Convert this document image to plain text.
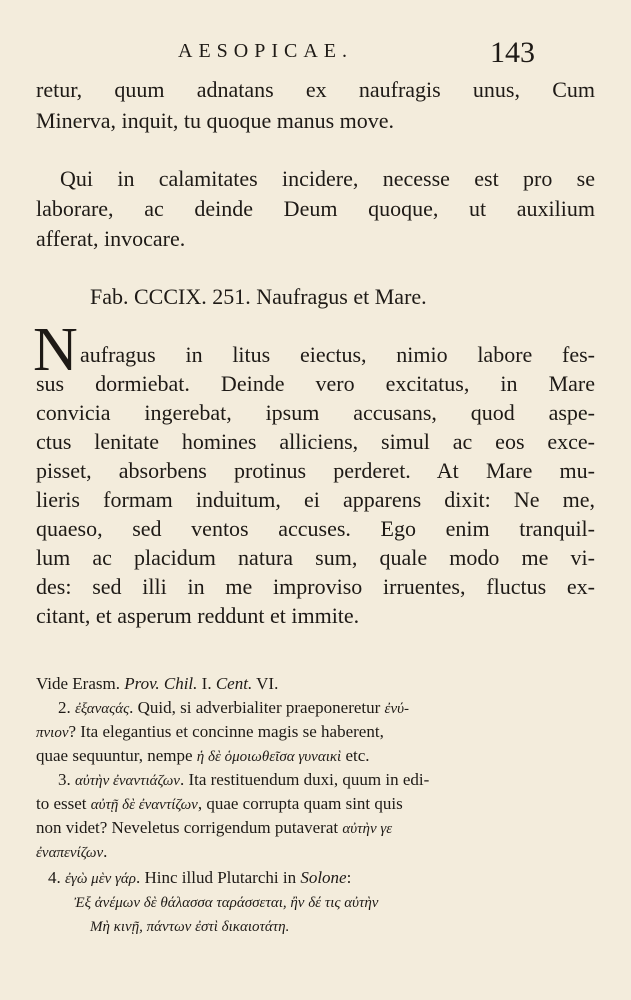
AESOPICAE.	143
retur, quum adnatans ex naufragis unus, Cum
Minerva, inquit, tu quoque manus move.
Qui in calamitates incidere, necesse est pro se
laborare, ac deinde Deum quoque, ut auxilium
afferat, invocare.
Fab. CCCIX. 251. Naufragus et Mare.
N aufragus in litus eiectus, nimio labore fes-
sus dormiebat. Deinde vero excitatus, in Mare
convicia ingerebat, ipsum accusans, quod aspe-
ctus lenitate homines alliciens, simul ac eos exce-
pisset, absorbens protinus perderet. At Mare mu-
lieris formam induitum, ei apparens dixit: Ne me,
quaeso, sed ventos accuses. Ego enim tranquil-
lum ac placidum natura sum, quale modo me vi-
des: sed illi in me improviso irruentes, fluctus ex-
citant, et asperum reddunt et immite.
Vide Erasm. Prov. Chil. I. Cent. VI.
2. ἐξαναςάς. Quid, si adverbialiter praeponeretur ἐνύ-
πνιον? Ita elegantius et concinne magis se haberent,
quae sequuntur, nempe ἡ δὲ ὁμοιωθεῖσα γυναικὶ etc.
3. αὐτὴν ἐναντιάζων. Ita restituendum duxi, quum in edi-
to esset αὐτῇ δὲ ἐναντίζων, quae corrupta quam sint quis
non videt? Neveletus corrigendum putaverat αὐτὴν γε
ἐναπενίζων.
4. ἐγὼ μὲν γάρ. Hinc illud Plutarchi in Solone:
Ἐξ ἀνέμων δὲ θάλασσα ταράσσεται, ἢν δέ τις αὐτὴν
Μὴ κινῇ, πάντων ἐστὶ δικαιοτάτη.
